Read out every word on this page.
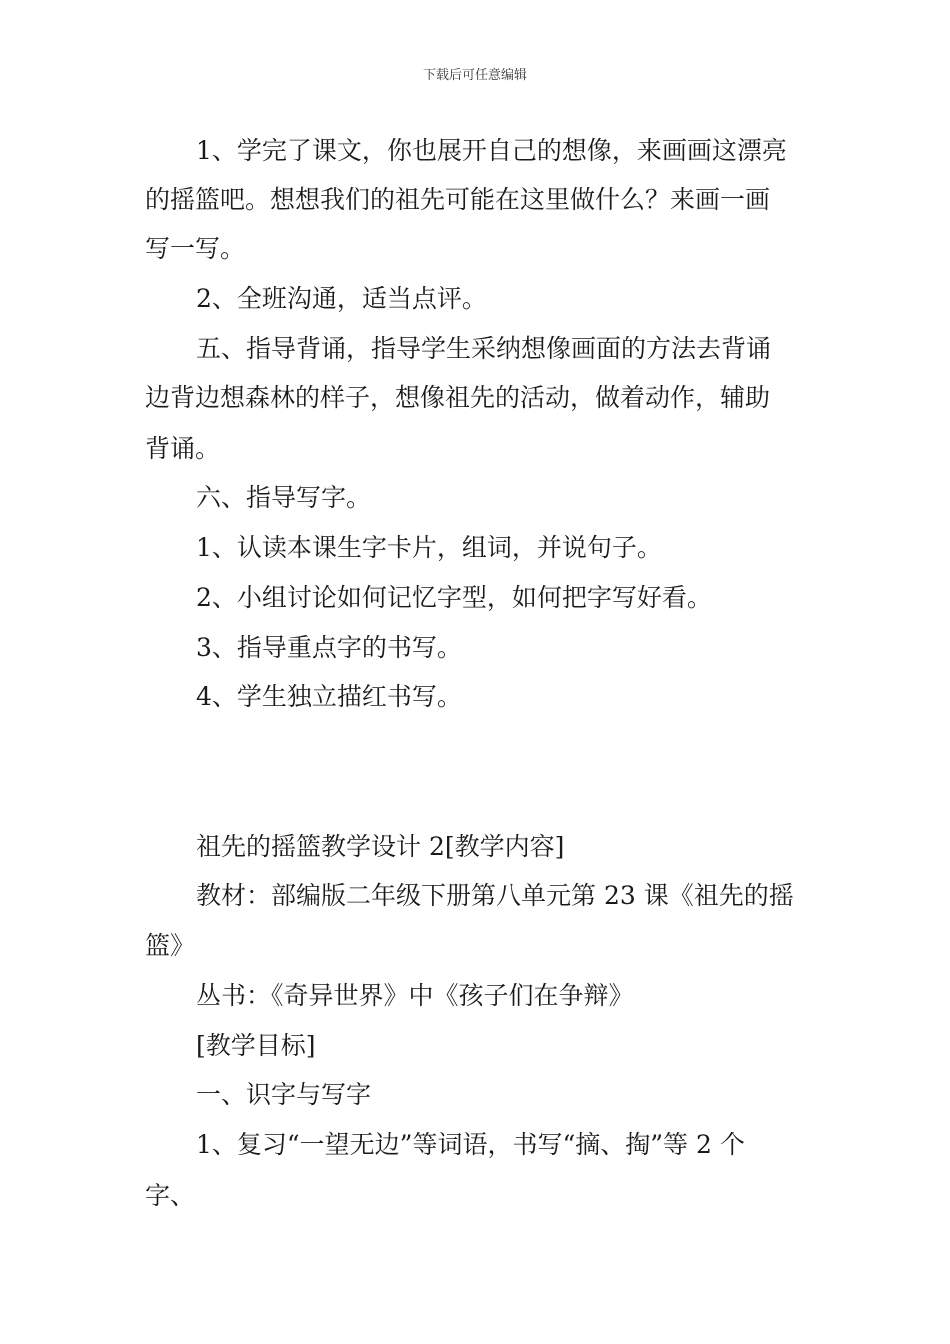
下载后可任意编辑
1、学完了课文，你也展开自己的想像，来画画这漂亮
的摇篮吧。想想我们的祖先可能在这里做什么？来画一画
写一写。
2、全班沟通，适当点评。
五、指导背诵，指导学生采纳想像画面的方法去背诵
边背边想森林的样子，想像祖先的活动，做着动作，辅助
背诵。
六、指导写字。
1、认读本课生字卡片，组词，并说句子。
2、小组讨论如何记忆字型，如何把字写好看。
3、指导重点字的书写。
4、学生独立描红书写。
祖先的摇篮教学设计 2[教学内容]
教材：部编版二年级下册第八单元第 23 课《祖先的摇
篮》
丛书：《奇异世界》中《孩子们在争辩》
[教学目标]
一、识字与写字
1、复习“一望无边”等词语，书写“摘、掏”等 2 个
字、
